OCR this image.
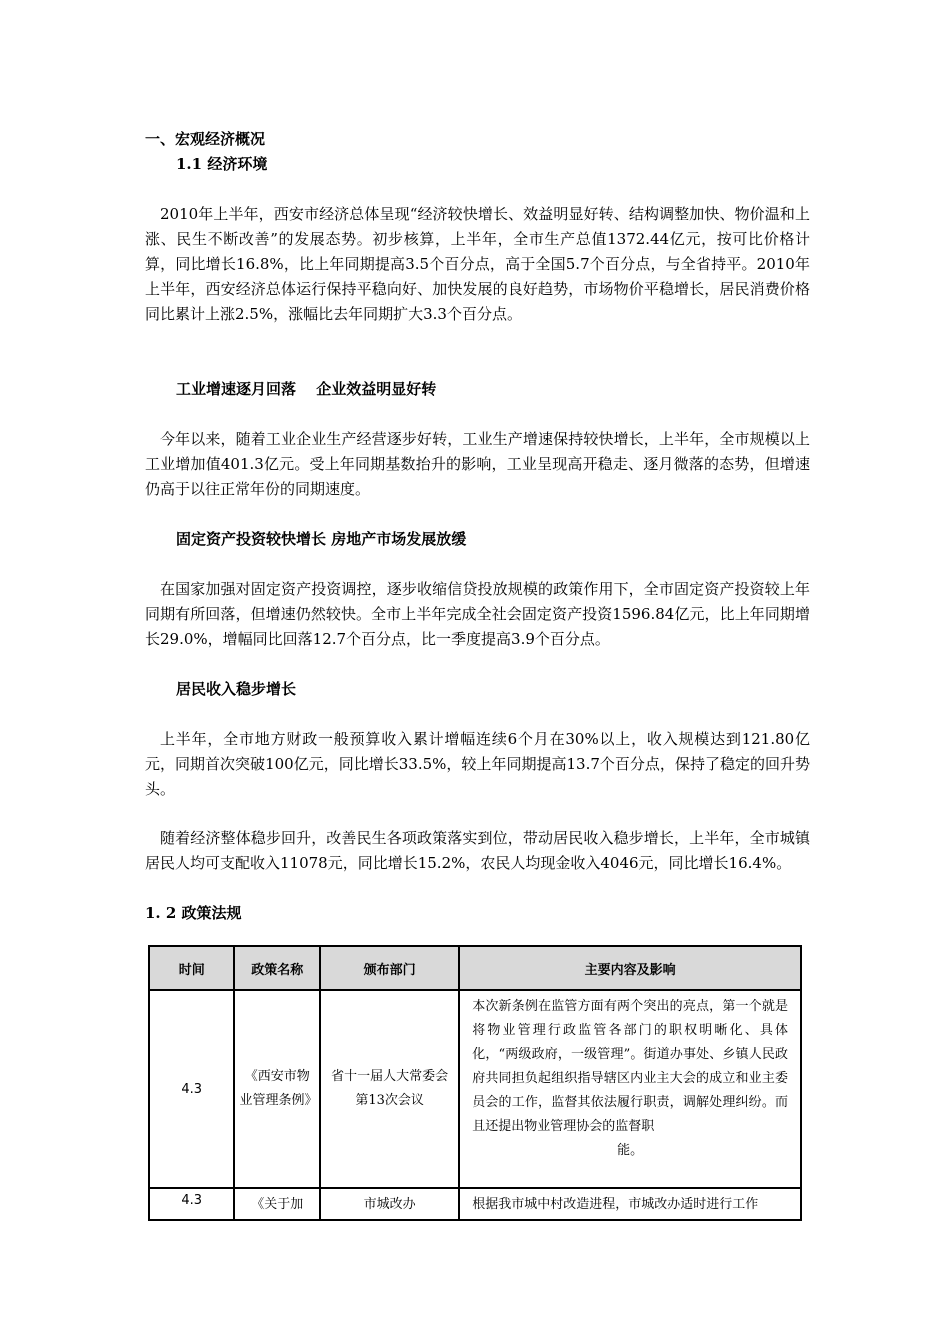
一、宏观经济概况
1.1 经济环境
2010年上半年，西安市经济总体呈现“经济较快增长、效益明显好转、结构调整加快、物价温和上涨、民生不断改善”的发展态势。初步核算，上半年，全市生产总值1372.44亿元，按可比价格计算，同比增长16.8%，比上年同期提高3.5个百分点，高于全国5.7个百分点，与全省持平。2010年上半年，西安经济总体运行保持平稳向好、加快发展的良好趋势，市场物价平稳增长，居民消费价格同比累计上涨2.5%，涨幅比去年同期扩大3.3个百分点。
工业增速逐月回落　 企业效益明显好转
今年以来，随着工业企业生产经营逐步好转，工业生产增速保持较快增长，上半年，全市规模以上工业增加值401.3亿元。受上年同期基数抬升的影响，工业呈现高开稳走、逐月微落的态势，但增速仍高于以往正常年份的同期速度。
固定资产投资较快增长 房地产市场发展放缓
在国家加强对固定资产投资调控，逐步收缩信贷投放规模的政策作用下，全市固定资产投资较上年同期有所回落，但增速仍然较快。全市上半年完成全社会固定资产投资1596.84亿元，比上年同期增长29.0%，增幅同比回落12.7个百分点，比一季度提高3.9个百分点。
居民收入稳步增长
上半年，全市地方财政一般预算收入累计增幅连续6个月在30%以上，收入规模达到121.80亿元，同期首次突破100亿元，同比增长33.5%，较上年同期提高13.7个百分点，保持了稳定的回升势头。
随着经济整体稳步回升，改善民生各项政策落实到位，带动居民收入稳步增长，上半年，全市城镇居民人均可支配收入11078元，同比增长15.2%，农民人均现金收入4046元，同比增长16.4%。
1. 2 政策法规
时间	政策名称	颁布部门	主要内容及影响
4.3	《西安市物业管理条例》	省十一届人大常委会第13次会议	本次新条例在监管方面有两个突出的亮点，第一个就是将物业管理行政监管各部门的职权明晰化、具体化，“两级政府，一级管理”。街道办事处、乡镇人民政府共同担负起组织指导辖区内业主大会的成立和业主委员会的工作，监督其依法履行职责，调解处理纠纷。而且还提出物业管理协会的监督职
能。

4.3	《关于加	市城改办	根据我市城中村改造进程，市城改办适时进行工作
